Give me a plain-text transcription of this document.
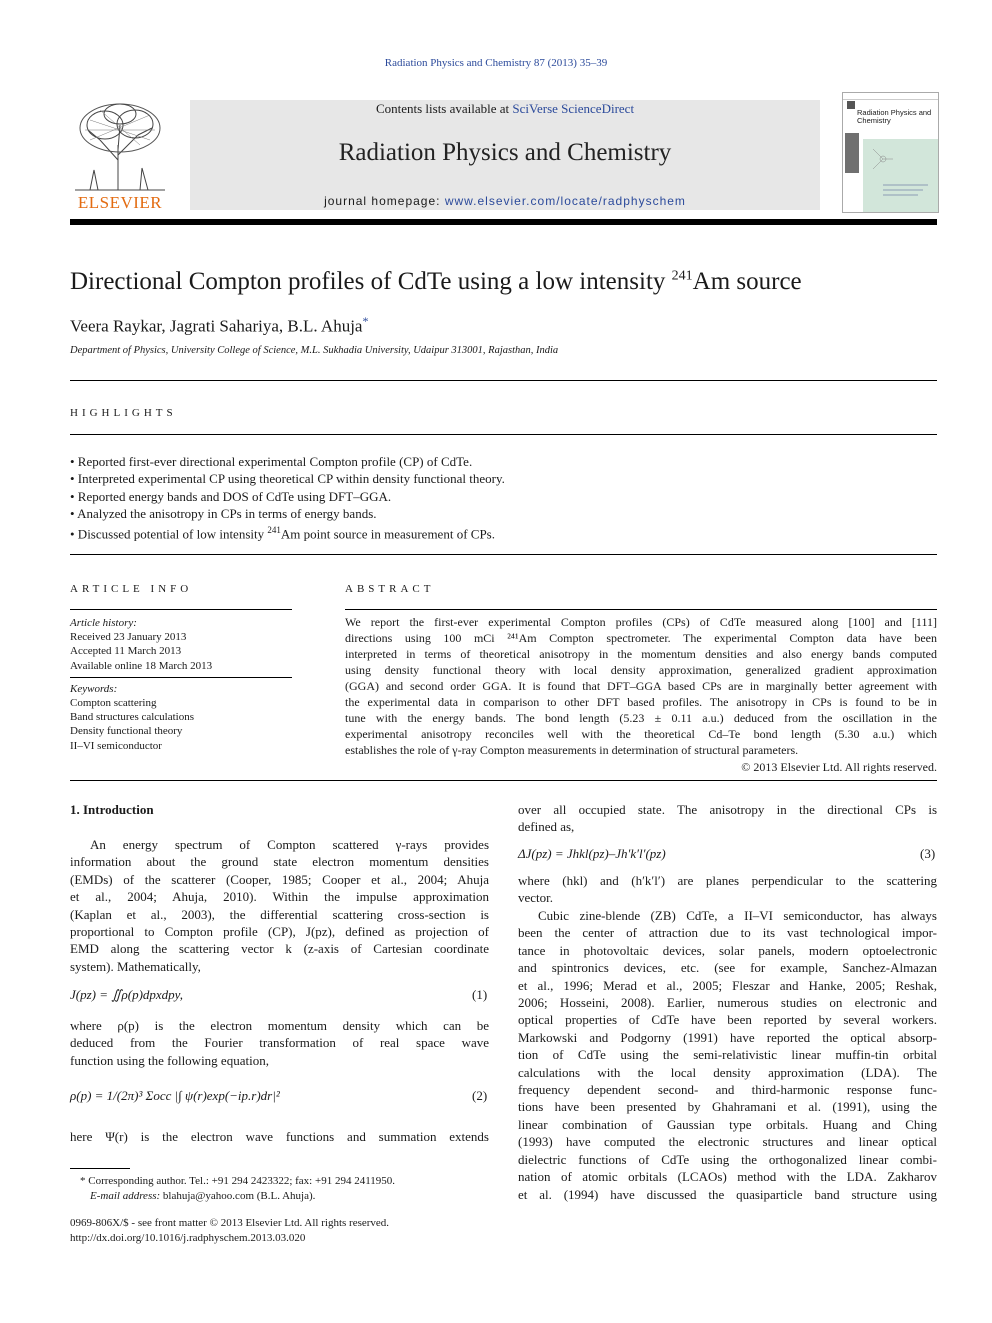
Radiation Physics and Chemistry 87 (2013) 35–39
ELSEVIER
Contents lists available at SciVerse ScienceDirect
Radiation Physics and Chemistry
journal homepage: www.elsevier.com/locate/radphyschem
Radiation Physics and Chemistry
Directional Compton profiles of CdTe using a low intensity $^{241}$Am source
Veera Raykar, Jagrati Sahariya, B.L. Ahuja*
Department of Physics, University College of Science, M.L. Sukhadia University, Udaipur 313001, Rajasthan, India
HIGHLIGHTS
• Reported first-ever directional experimental Compton profile (CP) of CdTe.
• Interpreted experimental CP using theoretical CP within density functional theory.
• Reported energy bands and DOS of CdTe using DFT–GGA.
• Analyzed the anisotropy in CPs in terms of energy bands.
• Discussed potential of low intensity $^{241}$Am point source in measurement of CPs.
ARTICLE INFO
Article history:
Received 23 January 2013
Accepted 11 March 2013
Available online 18 March 2013
Keywords:
Compton scattering
Band structures calculations
Density functional theory
II–VI semiconductor
ABSTRACT
We report the first-ever experimental Compton profiles (CPs) of CdTe measured along [100] and [111]
directions using 100 mCi ²⁴¹Am Compton spectrometer. The experimental Compton data have been
interpreted in terms of theoretical anisotropy in the momentum densities and also energy bands computed
using density functional theory with local density approximation, generalized gradient approximation
(GGA) and second order GGA. It is found that DFT–GGA based CPs are in marginally better agreement with
the experimental data in comparison to other DFT based profiles. The anisotropy in CPs is found to be in
tune with the energy bands. The bond length (5.23 ± 0.11 a.u.) deduced from the oscillation in the
experimental anisotropy reconciles well with the theoretical Cd–Te bond length (5.30 a.u.) which
establishes the role of γ-ray Compton measurements in determination of structural parameters.
© 2013 Elsevier Ltd. All rights reserved.
1. Introduction
An energy spectrum of Compton scattered γ-rays provides
information about the ground state electron momentum densities
(EMDs) of the scatterer (Cooper, 1985; Cooper et al., 2004; Ahuja
et al., 2004; Ahuja, 2010). Within the impulse approximation
(Kaplan et al., 2003), the differential scattering cross-section is
proportional to Compton profile (CP), J(pz), defined as projection of
EMD along the scattering vector k (z-axis of Cartesian coordinate
system). Mathematically,
J(pz) = ∬ρ(p)dpxdpy,	(1)
where ρ(p) is the electron momentum density which can be
deduced from the Fourier transformation of real space wave
function using the following equation,
ρ(p) = 1/(2π)³ Σocc |∫ ψ(r)exp(−ip.r)dr|²	(2)
here Ψ(r) is the electron wave functions and summation extends
* Corresponding author. Tel.: +91 294 2423322; fax: +91 294 2411950.
E-mail address: blahuja@yahoo.com (B.L. Ahuja).
0969-806X/$ - see front matter © 2013 Elsevier Ltd. All rights reserved.
http://dx.doi.org/10.1016/j.radphyschem.2013.03.020
over all occupied state. The anisotropy in the directional CPs is
defined as,
ΔJ(pz) = Jhkl(pz)–Jh′k′l′(pz)	(3)
where (hkl) and (h′k′l′) are planes perpendicular to the scattering
vector.
Cubic zine-blende (ZB) CdTe, a II–VI semiconductor, has always
been the center of attraction due to its vast technological impor-
tance in photovoltaic devices, solar panels, modern optoelectronic
and spintronics devices, etc. (see for example, Sanchez-Almazan
et al., 1996; Merad et al., 2005; Fleszar and Hanke, 2005; Reshak,
2006; Hosseini, 2008). Earlier, numerous studies on electronic and
optical properties of CdTe have been reported by several workers.
Markowski and Podgorny (1991) have reported the optical absorp-
tion of CdTe using the semi-relativistic linear muffin-tin orbital
calculations with the local density approximation (LDA). The
frequency dependent second- and third-harmonic response func-
tions have been presented by Ghahramani et al. (1991), using the
linear combination of Gaussian type orbitals. Huang and Ching
(1993) have computed the electronic structures and linear optical
dielectric functions of CdTe using the orthogonalized linear combi-
nation of atomic orbitals (LCAOs) method with the LDA. Zakharov
et al. (1994) have discussed the quasiparticle band structure using
